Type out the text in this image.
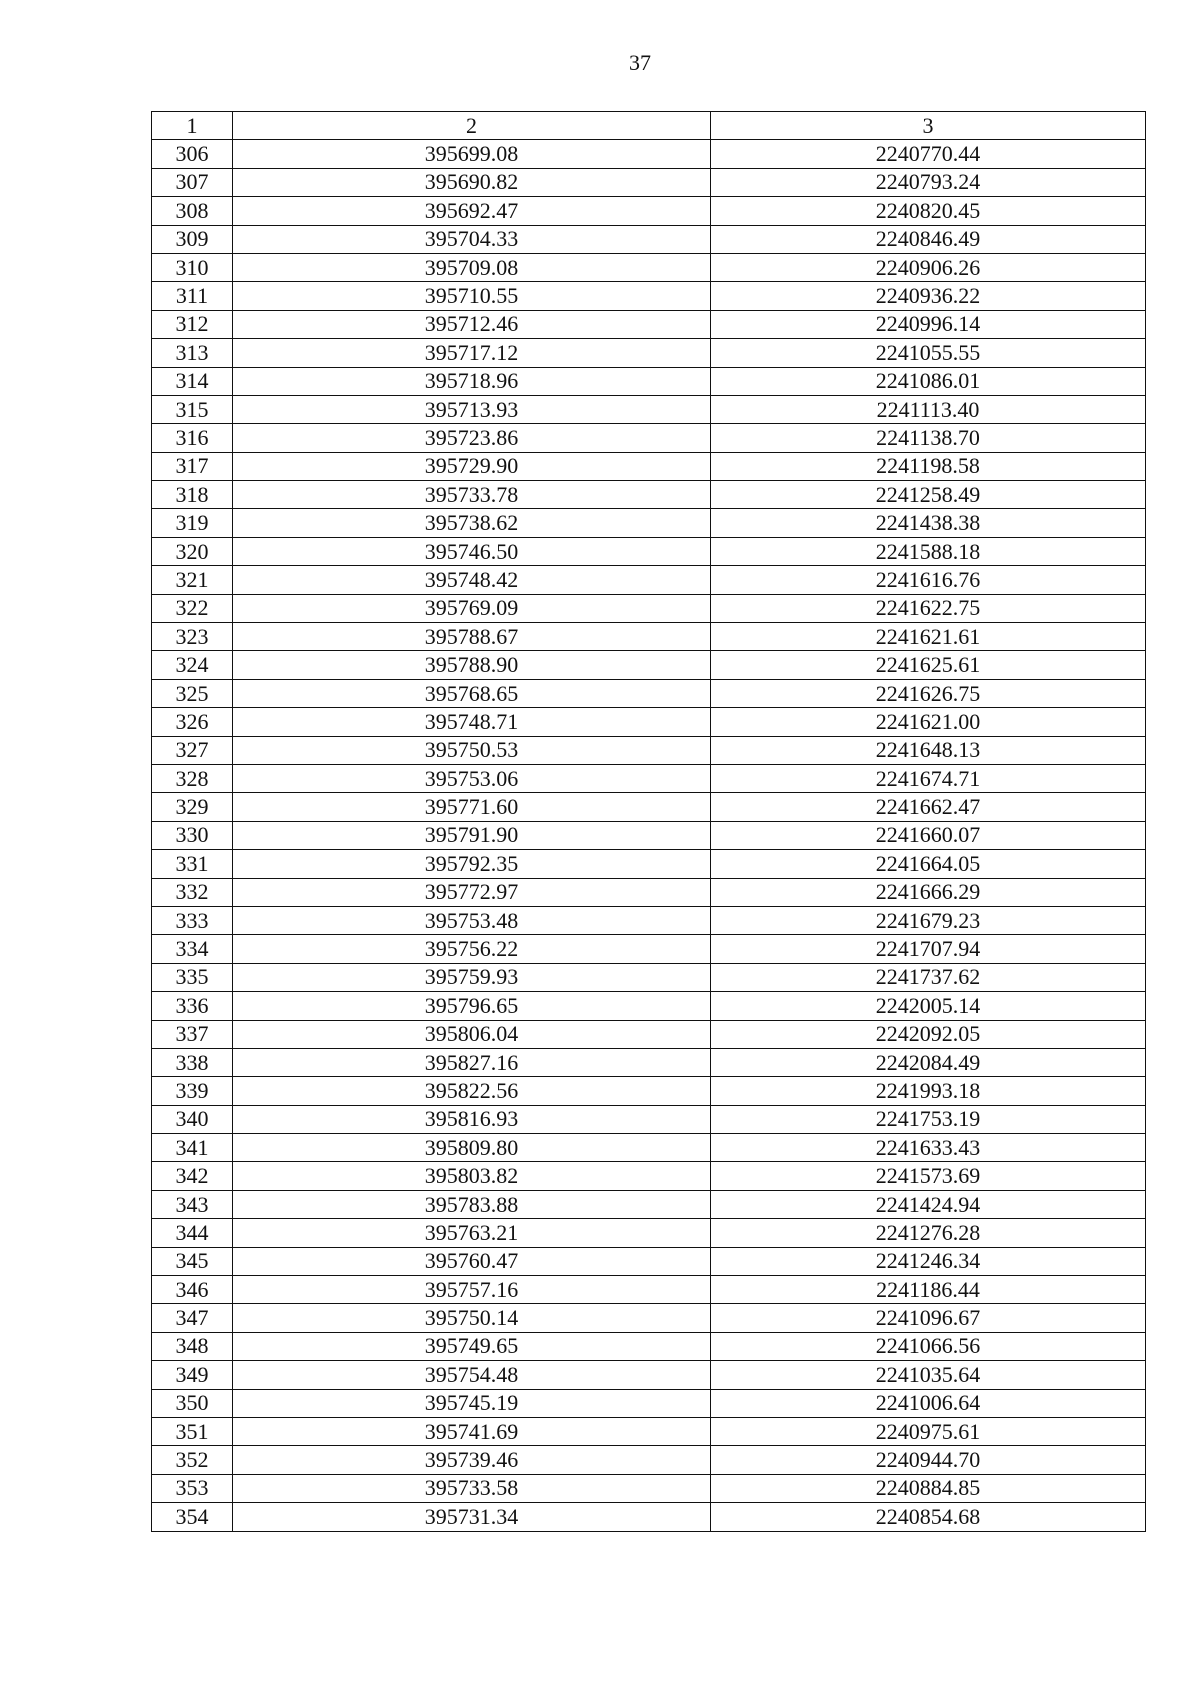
37
1	2	3
306	395699.08	2240770.44
307	395690.82	2240793.24
308	395692.47	2240820.45
309	395704.33	2240846.49
310	395709.08	2240906.26
311	395710.55	2240936.22
312	395712.46	2240996.14
313	395717.12	2241055.55
314	395718.96	2241086.01
315	395713.93	2241113.40
316	395723.86	2241138.70
317	395729.90	2241198.58
318	395733.78	2241258.49
319	395738.62	2241438.38
320	395746.50	2241588.18
321	395748.42	2241616.76
322	395769.09	2241622.75
323	395788.67	2241621.61
324	395788.90	2241625.61
325	395768.65	2241626.75
326	395748.71	2241621.00
327	395750.53	2241648.13
328	395753.06	2241674.71
329	395771.60	2241662.47
330	395791.90	2241660.07
331	395792.35	2241664.05
332	395772.97	2241666.29
333	395753.48	2241679.23
334	395756.22	2241707.94
335	395759.93	2241737.62
336	395796.65	2242005.14
337	395806.04	2242092.05
338	395827.16	2242084.49
339	395822.56	2241993.18
340	395816.93	2241753.19
341	395809.80	2241633.43
342	395803.82	2241573.69
343	395783.88	2241424.94
344	395763.21	2241276.28
345	395760.47	2241246.34
346	395757.16	2241186.44
347	395750.14	2241096.67
348	395749.65	2241066.56
349	395754.48	2241035.64
350	395745.19	2241006.64
351	395741.69	2240975.61
352	395739.46	2240944.70
353	395733.58	2240884.85
354	395731.34	2240854.68
